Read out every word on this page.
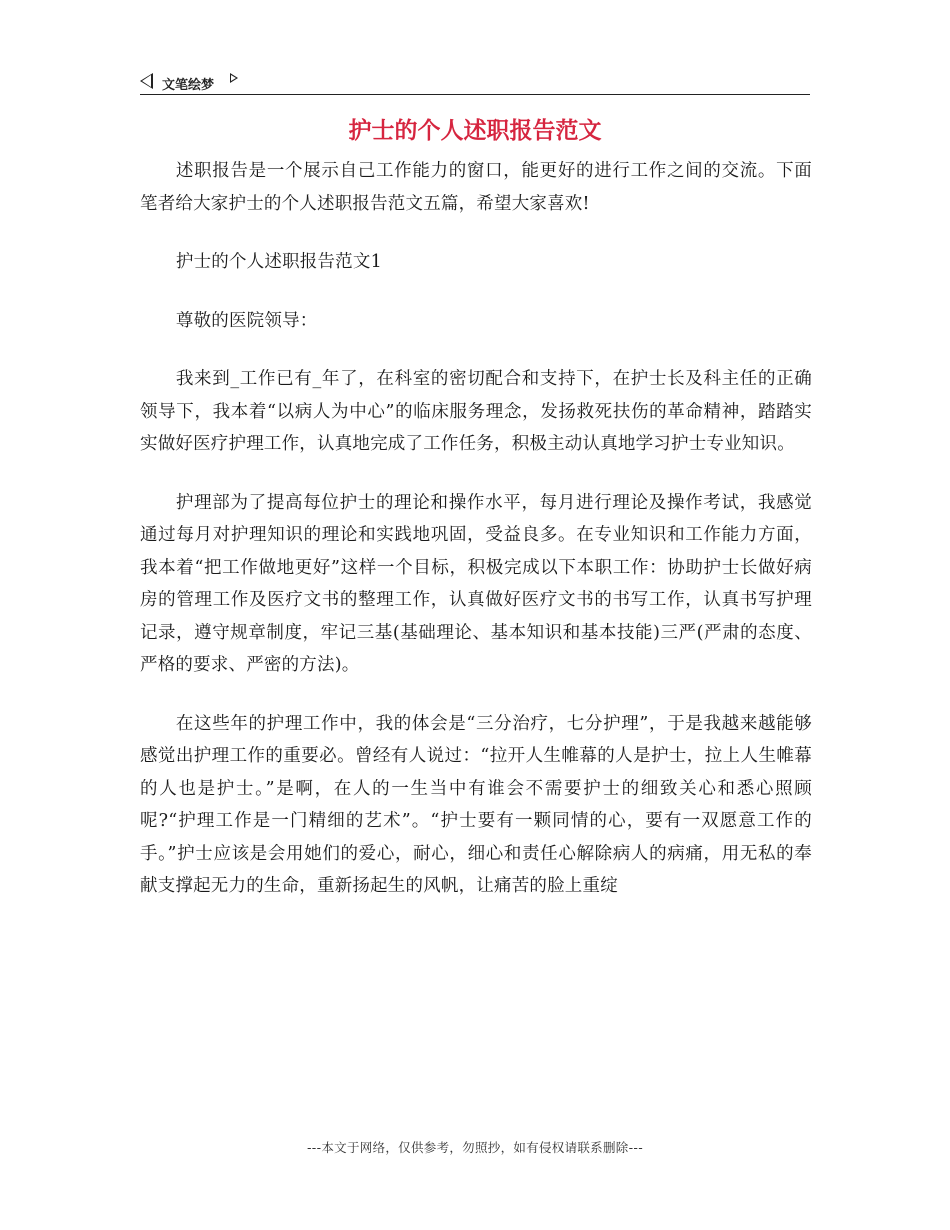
文笔绘梦
护士的个人述职报告范文

述职报告是一个展示自己工作能力的窗口，能更好的进行工作之间的交流。下面笔者给大家护士的个人述职报告范文五篇，希望大家喜欢!

护士的个人述职报告范文1

尊敬的医院领导：

我来到_工作已有_年了，在科室的密切配合和支持下，在护士长及科主任的正确领导下，我本着“以病人为中心”的临床服务理念，发扬救死扶伤的革命精神，踏踏实实做好医疗护理工作，认真地完成了工作任务，积极主动认真地学习护士专业知识。

护理部为了提高每位护士的理论和操作水平，每月进行理论及操作考试，我感觉通过每月对护理知识的理论和实践地巩固，受益良多。在专业知识和工作能力方面，我本着“把工作做地更好”这样一个目标，积极完成以下本职工作：协助护士长做好病房的管理工作及医疗文书的整理工作，认真做好医疗文书的书写工作，认真书写护理记录，遵守规章制度，牢记三基(基础理论、基本知识和基本技能)三严(严肃的态度、严格的要求、严密的方法)。

在这些年的护理工作中，我的体会是“三分治疗，七分护理”，于是我越来越能够感觉出护理工作的重要必。曾经有人说过：“拉开人生帷幕的人是护士，拉上人生帷幕的人也是护士。”是啊，在人的一生当中有谁会不需要护士的细致关心和悉心照顾呢?“护理工作是一门精细的艺术”。“护士要有一颗同情的心，要有一双愿意工作的手。”护士应该是会用她们的爱心，耐心，细心和责任心解除病人的病痛，用无私的奉献支撑起无力的生命，重新扬起生的风帆，让痛苦的脸上重绽

---本文于网络，仅供参考，勿照抄，如有侵权请联系删除---
